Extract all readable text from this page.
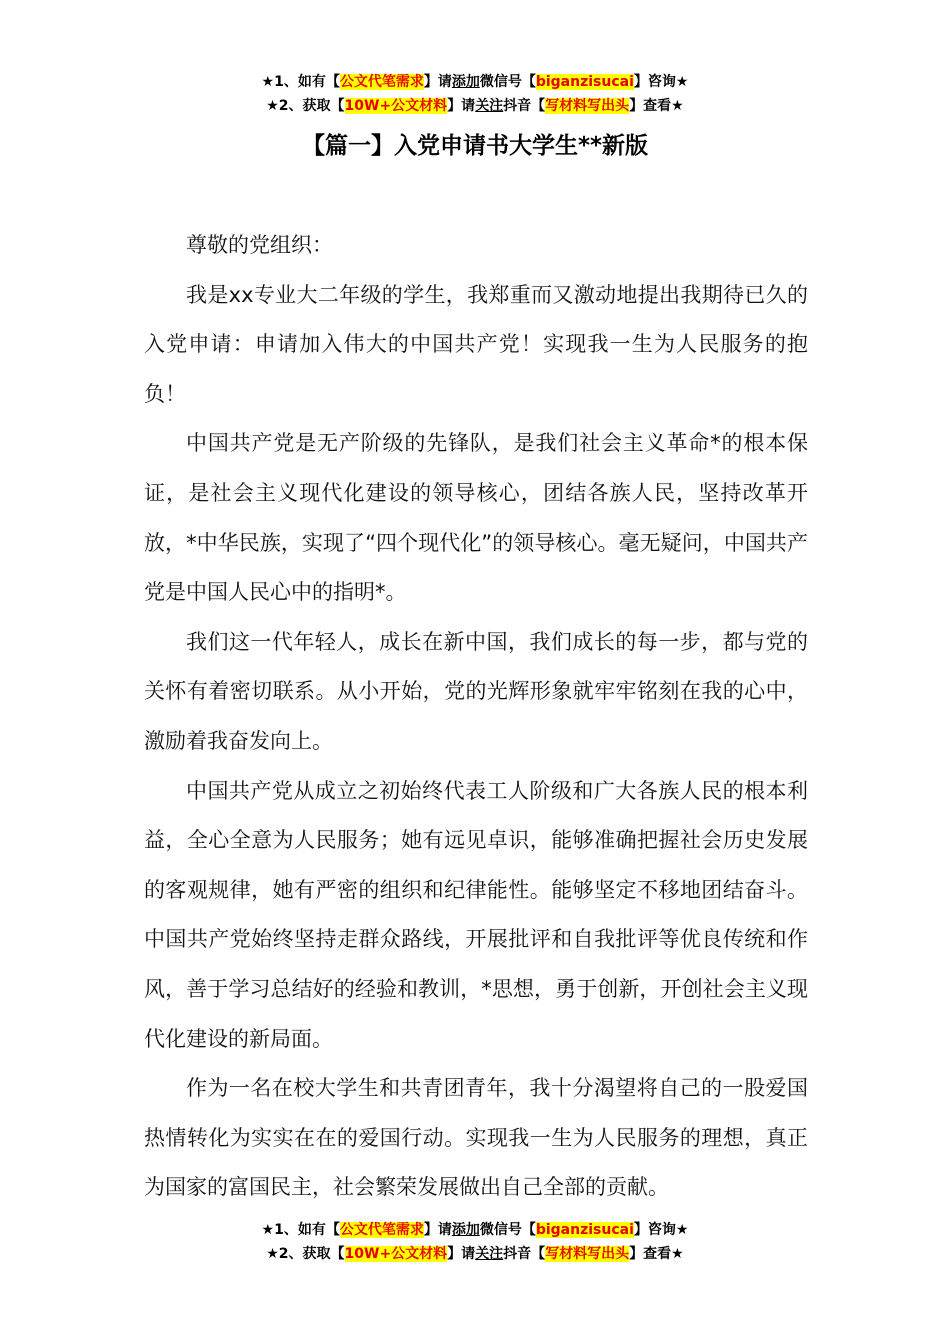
★1、如有【公文代笔需求】请添加微信号【biganzisucai】咨询★
★2、获取【10W+公文材料】请关注抖音【写材料写出头】查看★
【篇一】入党申请书大学生**新版

尊敬的党组织：

我是xx专业大二年级的学生，我郑重而又激动地提出我期待已久的入党申请：申请加入伟大的中国共产党！实现我一生为人民服务的抱负！

中国共产党是无产阶级的先锋队，是我们社会主义革命*的根本保证，是社会主义现代化建设的领导核心，团结各族人民，坚持改革开放，*中华民族，实现了“四个现代化”的领导核心。毫无疑问，中国共产党是中国人民心中的指明*。

我们这一代年轻人，成长在新中国，我们成长的每一步，都与党的关怀有着密切联系。从小开始，党的光辉形象就牢牢铭刻在我的心中，激励着我奋发向上。

中国共产党从成立之初始终代表工人阶级和广大各族人民的根本利益，全心全意为人民服务；她有远见卓识，能够准确把握社会历史发展的客观规律，她有严密的组织和纪律能性。能够坚定不移地团结奋斗。中国共产党始终坚持走群众路线，开展批评和自我批评等优良传统和作风，善于学习总结好的经验和教训，*思想，勇于创新，开创社会主义现代化建设的新局面。

作为一名在校大学生和共青团青年，我十分渴望将自己的一股爱国热情转化为实实在在的爱国行动。实现我一生为人民服务的理想，真正为国家的富国民主，社会繁荣发展做出自己全部的贡献。

★1、如有【公文代笔需求】请添加微信号【biganzisucai】咨询★
★2、获取【10W+公文材料】请关注抖音【写材料写出头】查看★
